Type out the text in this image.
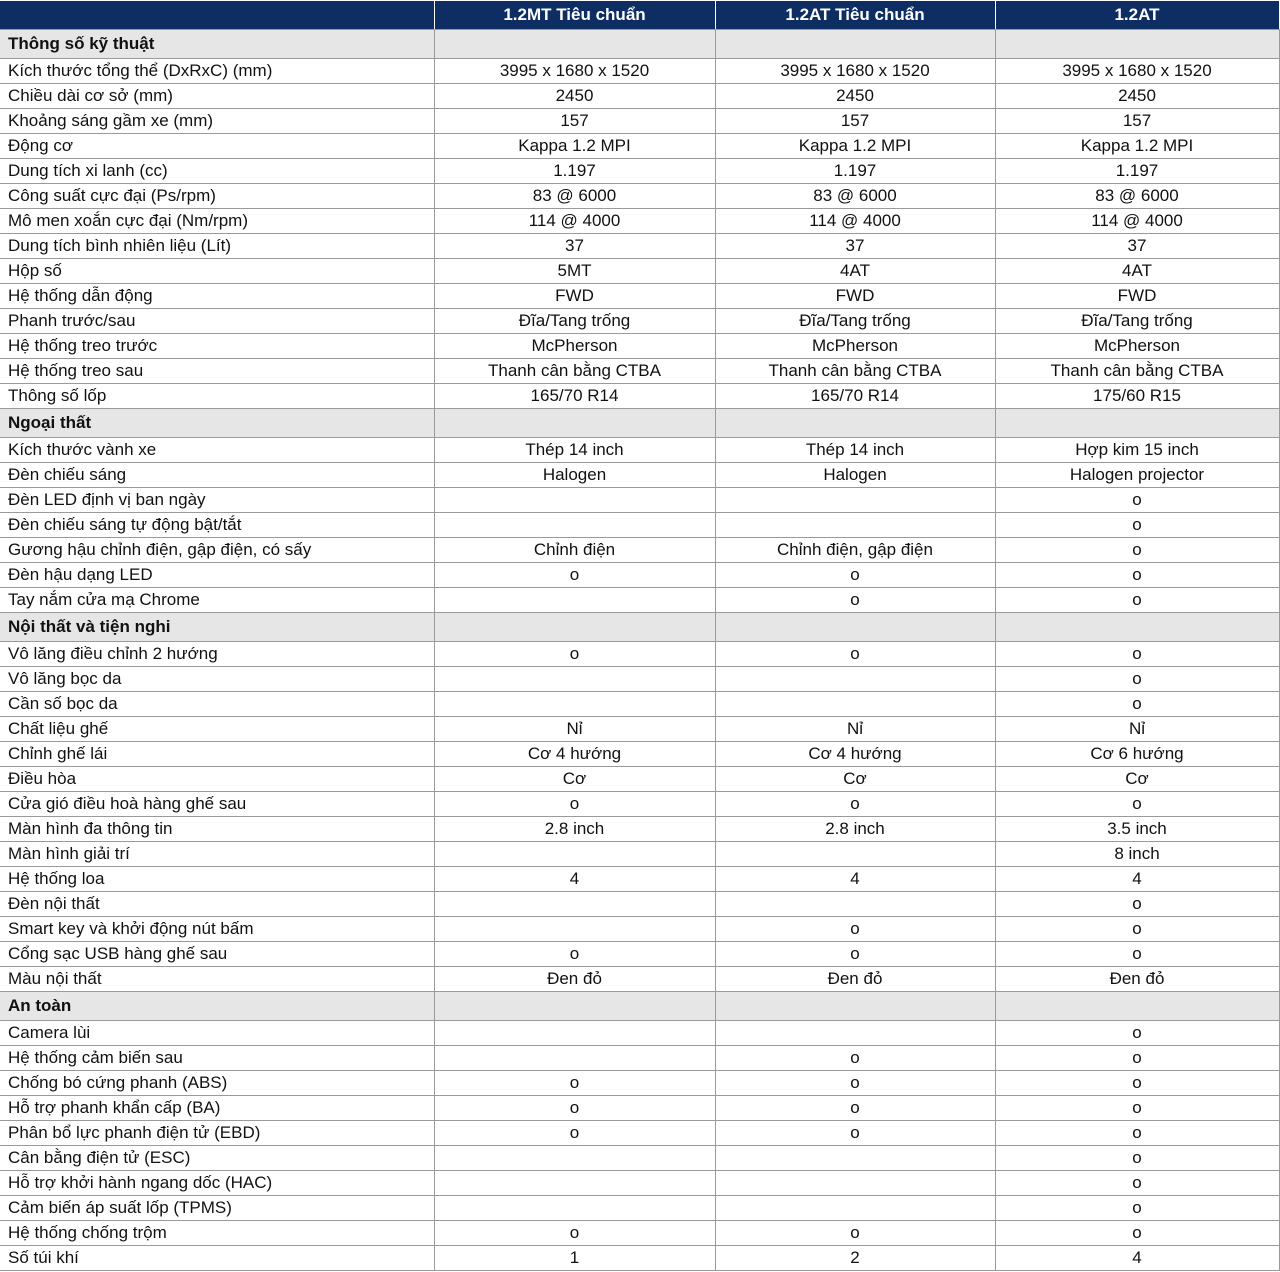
	1.2MT Tiêu chuẩn	1.2AT Tiêu chuẩn	1.2AT
Thông số kỹ thuật			
Kích thước tổng thể (DxRxC) (mm)	3995 x 1680 x 1520	3995 x 1680 x 1520	3995 x 1680 x 1520
Chiều dài cơ sở (mm)	2450	2450	2450
Khoảng sáng gầm xe (mm)	157	157	157
Động cơ	Kappa 1.2 MPI	Kappa 1.2 MPI	Kappa 1.2 MPI
Dung tích xi lanh (cc)	1.197	1.197	1.197
Công suất cực đại (Ps/rpm)	83 @ 6000	83 @ 6000	83 @ 6000
Mô men xoắn cực đại (Nm/rpm)	114 @ 4000	114 @ 4000	114 @ 4000
Dung tích bình nhiên liệu (Lít)	37	37	37
Hộp số	5MT	4AT	4AT
Hệ thống dẫn động	FWD	FWD	FWD
Phanh trước/sau	Đĩa/Tang trống	Đĩa/Tang trống	Đĩa/Tang trống
Hệ thống treo trước	McPherson	McPherson	McPherson
Hệ thống treo sau	Thanh cân bằng CTBA	Thanh cân bằng CTBA	Thanh cân bằng CTBA
Thông số lốp	165/70 R14	165/70 R14	175/60 R15
Ngoại thất			
Kích thước vành xe	Thép 14 inch	Thép 14 inch	Hợp kim 15 inch
Đèn chiếu sáng	Halogen	Halogen	Halogen projector
Đèn LED định vị ban ngày			o
Đèn chiếu sáng tự động bật/tắt			o
Gương hậu chỉnh điện, gập điện, có sấy	Chỉnh điện	Chỉnh điện, gập điện	o
Đèn hậu dạng LED	o	o	o
Tay nắm cửa mạ Chrome		o	o
Nội thất và tiện nghi			
Vô lăng điều chỉnh 2 hướng	o	o	o
Vô lăng bọc da			o
Cần số bọc da			o
Chất liệu ghế	Nỉ	Nỉ	Nỉ
Chỉnh ghế lái	Cơ 4 hướng	Cơ 4 hướng	Cơ 6 hướng
Điều hòa	Cơ	Cơ	Cơ
Cửa gió điều hoà hàng ghế sau	o	o	o
Màn hình đa thông tin	2.8 inch	2.8 inch	3.5 inch
Màn hình giải trí			8 inch
Hệ thống loa	4	4	4
Đèn nội thất			o
Smart key và khởi động nút bấm		o	o
Cổng sạc USB hàng ghế sau	o	o	o
Màu nội thất	Đen đỏ	Đen đỏ	Đen đỏ
An toàn			
Camera lùi			o
Hệ thống cảm biến sau		o	o
Chống bó cứng phanh (ABS)	o	o	o
Hỗ trợ phanh khẩn cấp (BA)	o	o	o
Phân bổ lực phanh điện tử (EBD)	o	o	o
Cân bằng điện tử (ESC)			o
Hỗ trợ khởi hành ngang dốc (HAC)			o
Cảm biến áp suất lốp (TPMS)			o
Hệ thống chống trộm	o	o	o
Số túi khí	1	2	4
